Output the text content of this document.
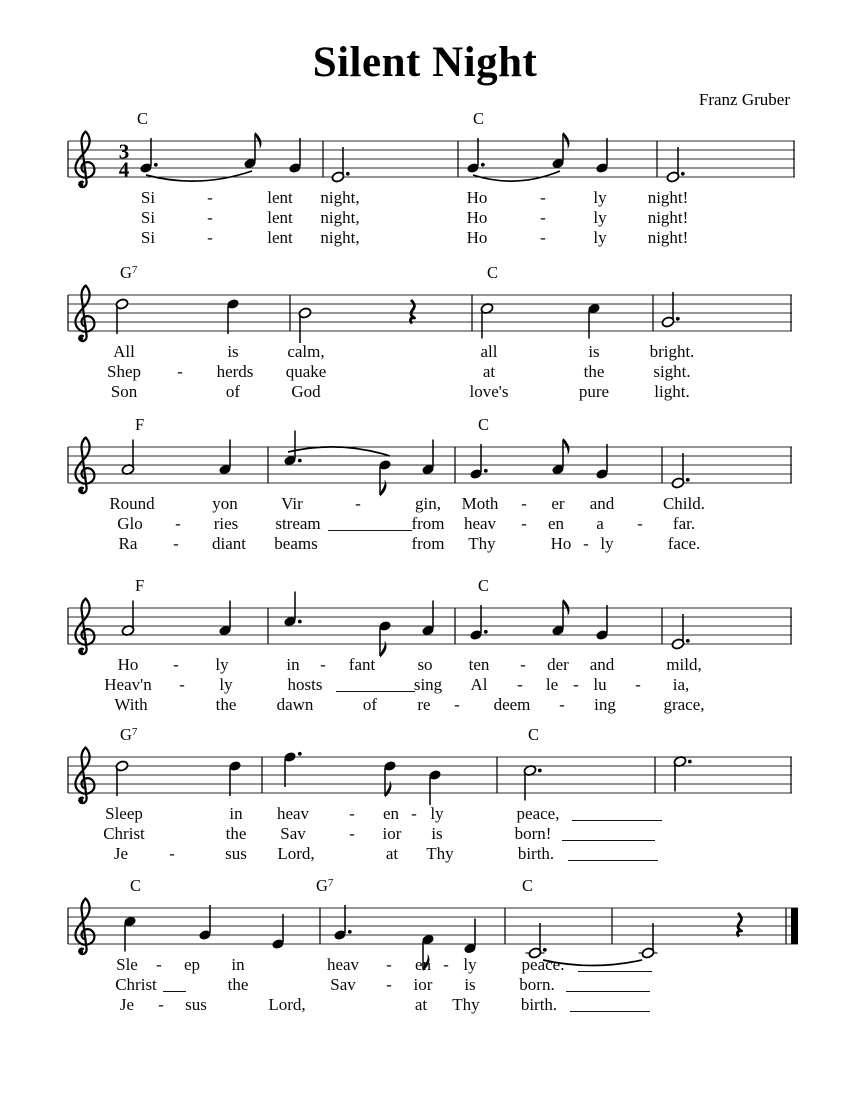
Silent Night
Franz Gruber
3
4
C	C
Si	-	lent night,	Ho	-	ly night!
Si	-	lent night,	Ho	-	ly night!
Si	-	lent night,	Ho	-	ly night!
$G^7$	C
All	is	calm,	all	is	bright.
Shep - herds quake	at	the	sight.
Son	of	God	love's	pure	light.
F	C
Round	yon	Vir	-	gin, Moth - er and	Child.
Glo - ries stream	from heav - en a - far.
Ra - diant beams	from Thy	Ho - ly	face.
F	C
Ho - ly	in - fant so ten - der and	mild,
Heav'n - ly	hosts	sing Al - le - lu - ia,
With	the dawn	of re - deem - ing	grace,
$G^7$	C
Sleep	in heav - en - ly	peace,
Christ	the Sav	- ior is	born!
Je -	sus Lord,	at Thy	birth.
C	$G^7$	C
Sle - ep in	heav - en - ly	peace.
Christ	the	Sav - ior is	born.
Je - sus	Lord,	at Thy birth.
